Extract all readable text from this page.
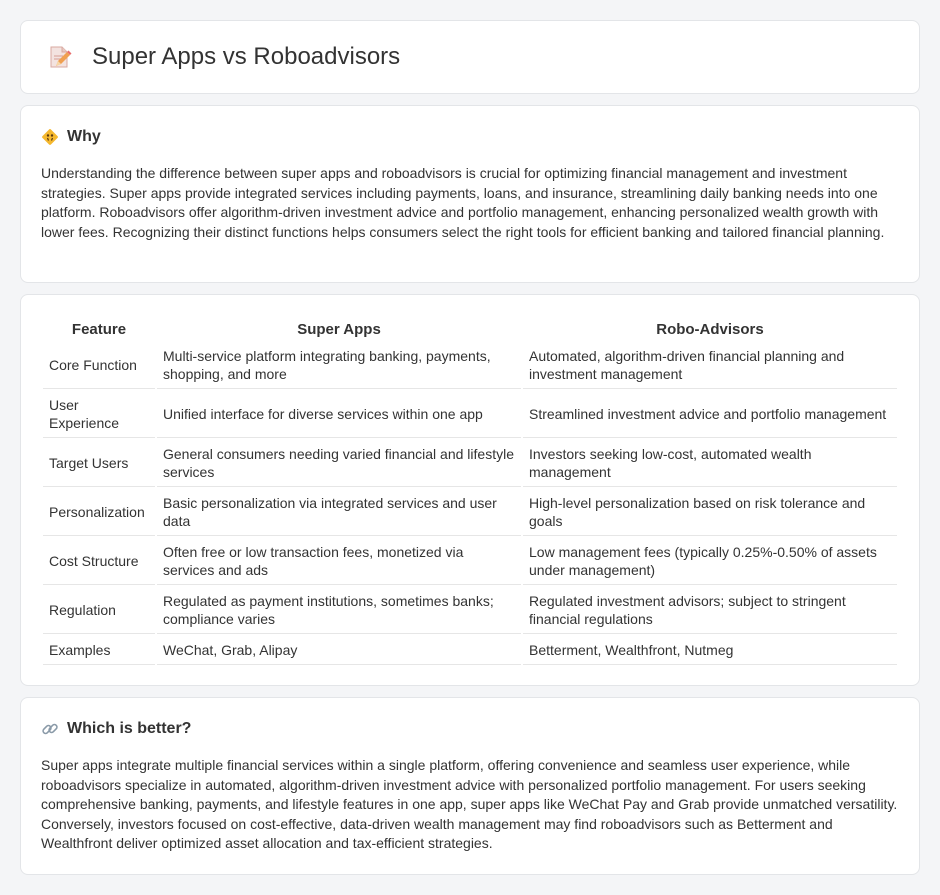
Super Apps vs Roboadvisors
Why

Understanding the difference between super apps and roboadvisors is crucial for optimizing financial management and investment strategies. Super apps provide integrated services including payments, loans, and insurance, streamlining daily banking needs into one platform. Roboadvisors offer algorithm-driven investment advice and portfolio management, enhancing personalized wealth growth with lower fees. Recognizing their distinct functions helps consumers select the right tools for efficient banking and tailored financial planning.

Feature	Super Apps	Robo-Advisors
Core Function	Multi-service platform integrating banking, payments, shopping, and more	Automated, algorithm-driven financial planning and investment management
User Experience	Unified interface for diverse services within one app	Streamlined investment advice and portfolio management
Target Users	General consumers needing varied financial and lifestyle services	Investors seeking low-cost, automated wealth management
Personalization	Basic personalization via integrated services and user data	High-level personalization based on risk tolerance and goals
Cost Structure	Often free or low transaction fees, monetized via services and ads	Low management fees (typically 0.25%-0.50% of assets under management)
Regulation	Regulated as payment institutions, sometimes banks; compliance varies	Regulated investment advisors; subject to stringent financial regulations
Examples	WeChat, Grab, Alipay	Betterment, Wealthfront, Nutmeg
Which is better?

Super apps integrate multiple financial services within a single platform, offering convenience and seamless user experience, while roboadvisors specialize in automated, algorithm-driven investment advice with personalized portfolio management. For users seeking comprehensive banking, payments, and lifestyle features in one app, super apps like WeChat Pay and Grab provide unmatched versatility. Conversely, investors focused on cost-effective, data-driven wealth management may find roboadvisors such as Betterment and Wealthfront deliver optimized asset allocation and tax-efficient strategies.
